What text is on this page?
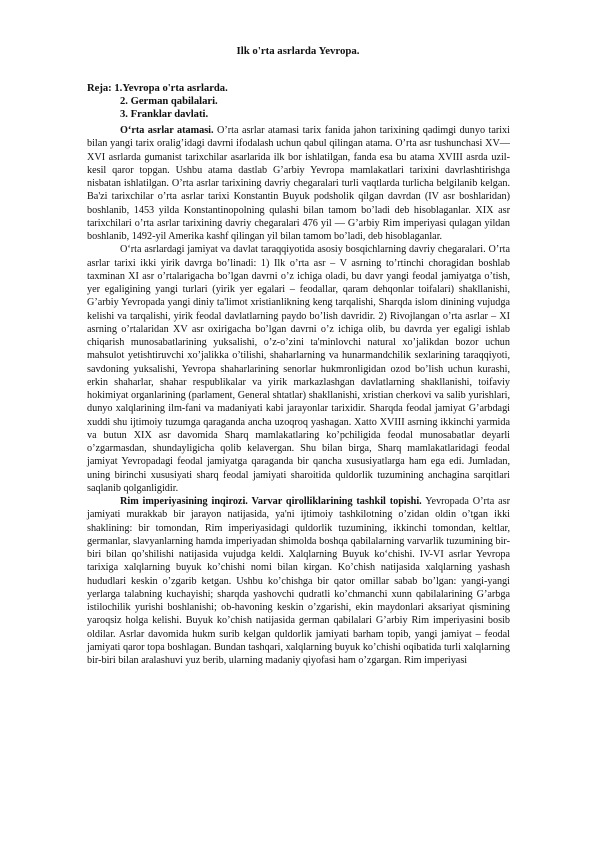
Ilk o'rta asrlarda Yevropa.
Reja: 1.Yevropa o'rta asrlarda.
2. German qabilalari.
3. Franklar davlati.

O‘rta asrlar atamasi. O’rta asrlar atamasi tarix fanida jahon tarixining qadimgi dunyo tarixi bilan yangi tarix oralig’idagi davrni ifodalash uchun qabul qilingan atama. O’rta asr tushunchasi XV—XVI asrlarda gumanist tarixchilar asarlarida ilk bor ishlatilgan, fanda esa bu atama XVIII asrda uzil-kesil qaror topgan. Ushbu atama dastlab G’arbiy Yevropa mamlakatlari tarixini davrlashtirishga nisbatan ishlatilgan. O’rta asrlar tarixining davriy chegaralari turli vaqtlarda turlicha belgilanib kelgan. Ba'zi tarixchilar o’rta asrlar tarixi Konstantin Buyuk podsholik qilgan davrdan (IV asr boshlaridan) boshlanib, 1453 yilda Konstantinopolning qulashi bilan tamom bo’ladi deb hisoblaganlar. XIX asr tarixchilari o’rta asrlar tarixining davriy chegaralari 476 yil — G’arbiy Rim imperiyasi qulagan yildan boshlanib, 1492-yil Amerika kashf qilingan yil bilan tamom bo’ladi, deb hisoblaganlar.

O‘rta asrlardagi jamiyat va davlat taraqqiyotida asosiy bosqichlarning davriy chegaralari. O’rta asrlar tarixi ikki yirik davrga bo’linadi: 1) Ilk o’rta asr – V asrning to’rtinchi choragidan boshlab taxminan XI asr o’rtalarigacha bo’lgan davrni o’z ichiga oladi, bu davr yangi feodal jamiyatga o’tish, yer egaligining yangi turlari (yirik yer egalari – feodallar, qaram dehqonlar toifalari) shakllanishi, G’arbiy Yevropada yangi diniy ta'limot xristianlikning keng tarqalishi, Sharqda islom dinining vujudga kelishi va tarqalishi, yirik feodal davlatlarning paydo bo’lish davridir. 2) Rivojlangan o’rta asrlar – XI asrning o’rtalaridan XV asr oxirigacha bo’lgan davrni o’z ichiga olib, bu davrda yer egaligi ishlab chiqarish munosabatlarining yuksalishi, o’z-o’zini ta'minlovchi natural xo’jalikdan bozor uchun mahsulot yetishtiruvchi xo’jalikka o’tilishi, shaharlarning va hunarmandchilik sexlarining taraqqiyoti, savdoning yuksalishi, Yevropa shaharlarining senorlar hukmronligidan ozod bo’lish uchun kurashi, erkin shaharlar, shahar respublikalar va yirik markazlashgan davlatlarning shakllanishi, toifaviy hokimiyat organlarining (parlament, General shtatlar) shakllanishi, xristian cherkovi va salib yurishlari, dunyo xalqlarining ilm-fani va madaniyati kabi jarayonlar tarixidir. Sharqda feodal jamiyat G’arbdagi xuddi shu ijtimoiy tuzumga qaraganda ancha uzoqroq yashagan. Xatto XVIII asrning ikkinchi yarmida va butun XIX asr davomida Sharq mamlakatlaring ko’pchiligida feodal munosabatlar deyarli o’zgarmasdan, shundayligicha qolib kelavergan. Shu bilan birga, Sharq mamlakatlaridagi feodal jamiyat Yevropadagi feodal jamiyatga qaraganda bir qancha xususiyatlarga ham ega edi. Jumladan, uning birinchi xususiyati sharq feodal jamiyati sharoitida quldorlik tuzumining anchagina sarqitlari saqlanib qolganligidir.

Rim imperiyasining inqirozi. Varvar qirolliklarining tashkil topishi. Yevropada O’rta asr jamiyati murakkab bir jarayon natijasida, ya'ni ijtimoiy tashkilotning o’zidan oldin o’tgan ikki shaklining: bir tomondan, Rim imperiyasidagi quldorlik tuzumining, ikkinchi tomondan, keltlar, germanlar, slavyanlarning hamda imperiyadan shimolda boshqa qabilalarning varvarlik tuzumining bir-biri bilan qo’shilishi natijasida vujudga keldi. Xalqlarning Buyuk ko‘chishi. IV-VI asrlar Yevropa tarixiga xalqlarning buyuk ko’chishi nomi bilan kirgan. Ko’chish natijasida xalqlarning yashash hududlari keskin o’zgarib ketgan. Ushbu ko’chishga bir qator omillar sabab bo’lgan: yangi-yangi yerlarga talabning kuchayishi; sharqda yashovchi qudratli ko’chmanchi xunn qabilalarining G’arbga istilochilik yurishi boshlanishi; ob-havoning keskin o’zgarishi, ekin maydonlari aksariyat qismining yaroqsiz holga kelishi. Buyuk ko’chish natijasida german qabilalari G’arbiy Rim imperiyasini bosib oldilar. Asrlar davomida hukm surib kelgan quldorlik jamiyati barham topib, yangi jamiyat – feodal jamiyati qaror topa boshlagan. Bundan tashqari, xalqlarning buyuk ko’chishi oqibatida turli xalqlarning bir-biri bilan aralashuvi yuz berib, ularning madaniy qiyofasi ham o’zgargan. Rim imperiyasi
